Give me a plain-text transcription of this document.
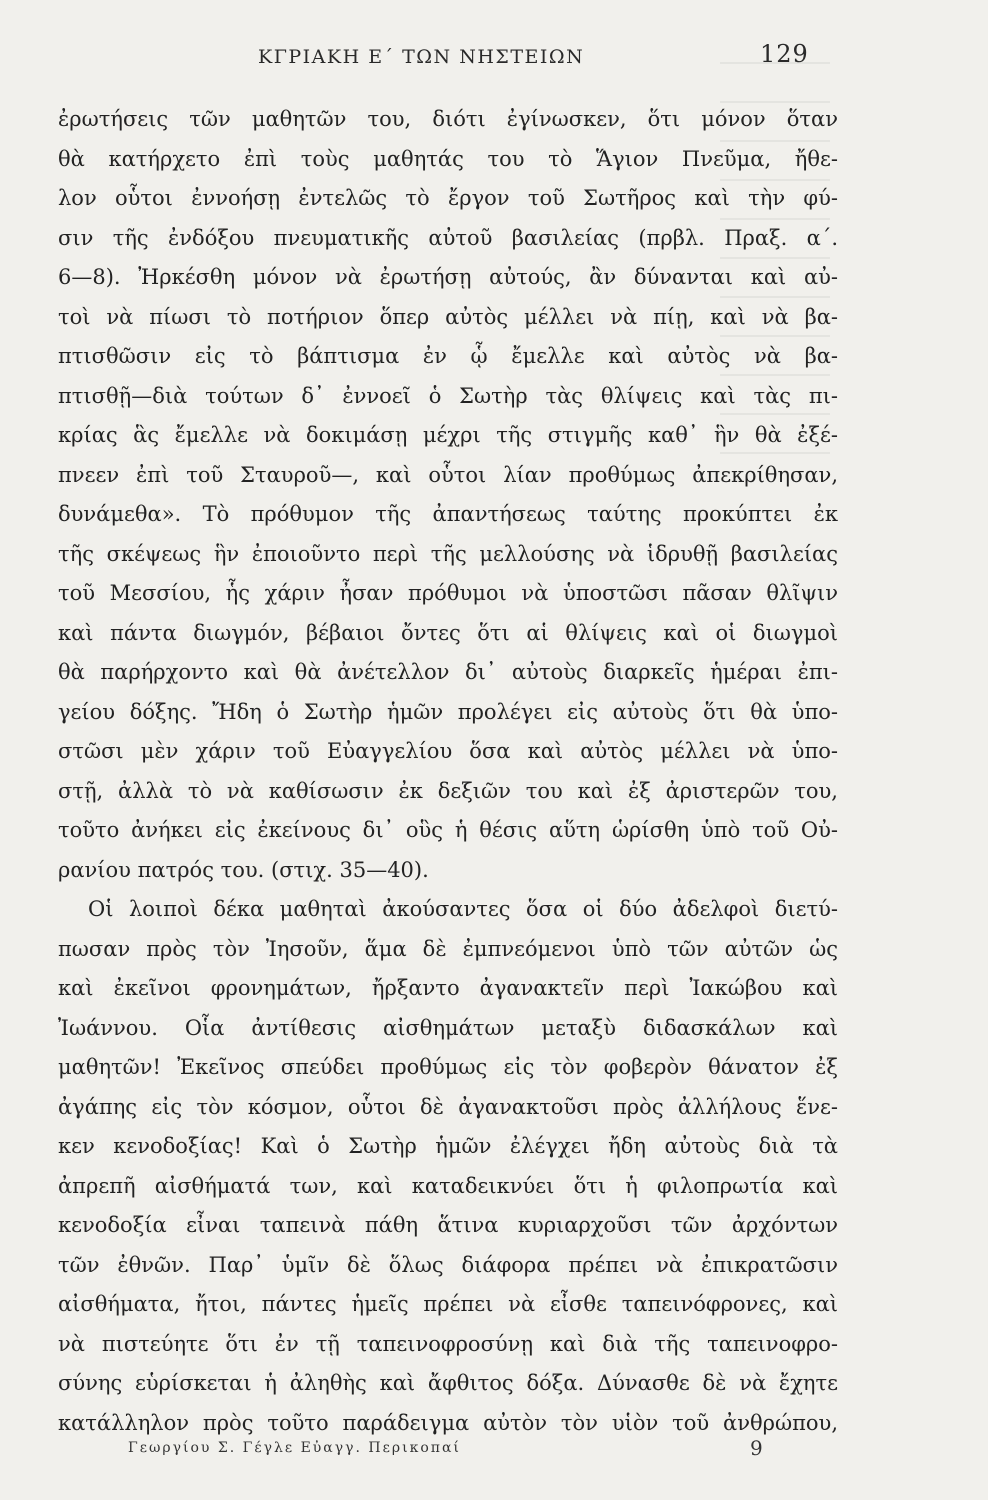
ΚΓΡΙΑΚΗ Ε΄ ΤΩΝ ΝΗΣΤΕΙΩΝ	129
ἐρωτήσεις τῶν μαθητῶν του, διότι ἐγίνωσκεν, ὅτι μόνον ὅταν
θὰ κατήρχετο ἐπὶ τοὺς μαθητάς του τὸ Ἅγιον Πνεῦμα, ἤθε-
λον οὗτοι ἐννοήσῃ ἐντελῶς τὸ ἔργον τοῦ Σωτῆρος καὶ τὴν φύ-
σιν τῆς ἐνδόξου πνευματικῆς αὐτοῦ βασιλείας (πρβλ. Πραξ. α΄.
6—8). Ἠρκέσθη μόνον νὰ ἐρωτήσῃ αὐτούς, ἂν δύνανται καὶ αὐ-
τοὶ νὰ πίωσι τὸ ποτήριον ὅπερ αὐτὸς μέλλει νὰ πίῃ, καὶ νὰ βα-
πτισθῶσιν εἰς τὸ βάπτισμα ἐν ᾧ ἔμελλε καὶ αὐτὸς νὰ βα-
πτισθῇ—διὰ τούτων δ᾿ ἐννοεῖ ὁ Σωτὴρ τὰς θλίψεις καὶ τὰς πι-
κρίας ἃς ἔμελλε νὰ δοκιμάσῃ μέχρι τῆς στιγμῆς καθ᾿ ἣν θὰ ἐξέ-
πνεεν ἐπὶ τοῦ Σταυροῦ—, καὶ οὗτοι λίαν προθύμως ἀπεκρίθησαν,
δυνάμεθα». Τὸ πρόθυμον τῆς ἀπαντήσεως ταύτης προκύπτει ἐκ
τῆς σκέψεως ἣν ἐποιοῦντο περὶ τῆς μελλούσης νὰ ἱδρυθῇ βασιλείας
τοῦ Μεσσίου, ἧς χάριν ἦσαν πρόθυμοι νὰ ὑποστῶσι πᾶσαν θλῖψιν
καὶ πάντα διωγμόν, βέβαιοι ὄντες ὅτι αἱ θλίψεις καὶ οἱ διωγμοὶ
θὰ παρήρχοντο καὶ θὰ ἀνέτελλον δι᾿ αὐτοὺς διαρκεῖς ἡμέραι ἐπι-
γείου δόξης. Ἤδη ὁ Σωτὴρ ἡμῶν προλέγει εἰς αὐτοὺς ὅτι θὰ ὑπο-
στῶσι μὲν χάριν τοῦ Εὐαγγελίου ὅσα καὶ αὐτὸς μέλλει νὰ ὑπο-
στῇ, ἀλλὰ τὸ νὰ καθίσωσιν ἐκ δεξιῶν του καὶ ἐξ ἀριστερῶν του,
τοῦτο ἀνήκει εἰς ἐκείνους δι᾿ οὓς ἡ θέσις αὕτη ὡρίσθη ὑπὸ τοῦ Οὐ-
ρανίου πατρός του. (στιχ. 35—40).
Οἱ λοιποὶ δέκα μαθηταὶ ἀκούσαντες ὅσα οἱ δύο ἀδελφοὶ διετύ-
πωσαν πρὸς τὸν Ἰησοῦν, ἅμα δὲ ἐμπνεόμενοι ὑπὸ τῶν αὐτῶν ὡς
καὶ ἐκεῖνοι φρονημάτων, ἤρξαντο ἀγανακτεῖν περὶ Ἰακώβου καὶ
Ἰωάννου. Οἷα ἀντίθεσις αἰσθημάτων μεταξὺ διδασκάλων καὶ
μαθητῶν! Ἐκεῖνος σπεύδει προθύμως εἰς τὸν φοβερὸν θάνατον ἐξ
ἀγάπης εἰς τὸν κόσμον, οὗτοι δὲ ἀγανακτοῦσι πρὸς ἀλλήλους ἕνε-
κεν κενοδοξίας! Καὶ ὁ Σωτὴρ ἡμῶν ἐλέγχει ἤδη αὐτοὺς διὰ τὰ
ἀπρεπῆ αἰσθήματά των, καὶ καταδεικνύει ὅτι ἡ φιλοπρωτία καὶ
κενοδοξία εἶναι ταπεινὰ πάθη ἅτινα κυριαρχοῦσι τῶν ἀρχόντων
τῶν ἐθνῶν. Παρ᾿ ὑμῖν δὲ ὅλως διάφορα πρέπει νὰ ἐπικρατῶσιν
αἰσθήματα, ἤτοι, πάντες ἡμεῖς πρέπει νὰ εἶσθε ταπεινόφρονες, καὶ
νὰ πιστεύητε ὅτι ἐν τῇ ταπεινοφροσύνῃ καὶ διὰ τῆς ταπεινοφρο-
σύνης εὑρίσκεται ἡ ἀληθὴς καὶ ἄφθιτος δόξα. Δύνασθε δὲ νὰ ἔχητε
κατάλληλον πρὸς τοῦτο παράδειγμα αὐτὸν τὸν υἱὸν τοῦ ἀνθρώπου,
Γεωργίου Σ. Γέγλε Εὐαγγ. Περικοπαί	9
